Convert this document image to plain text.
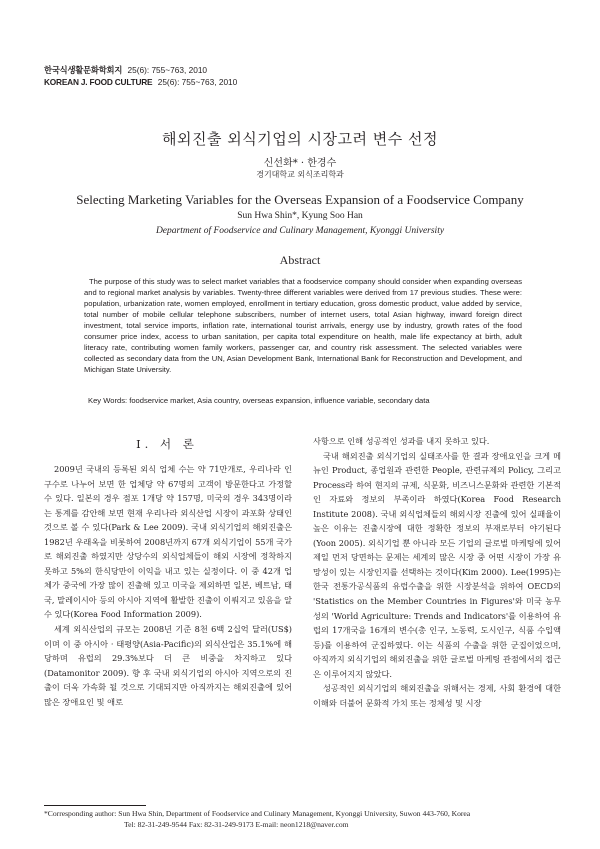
한국식생활문화학회지 25(6): 755~763, 2010
KOREAN J. FOOD CULTURE 25(6): 755~763, 2010
해외진출 외식기업의 시장고려 변수 선정
신선화* · 한경수
경기대학교 외식조리학과
Selecting Marketing Variables for the Overseas Expansion of a Foodservice Company
Sun Hwa Shin*, Kyung Soo Han
Department of Foodservice and Culinary Management, Kyonggi University
Abstract
The purpose of this study was to select market variables that a foodservice company should consider when expanding overseas and to regional market analysis by variables. Twenty-three different variables were derived from 17 previous studies. These were: population, urbanization rate, women employed, enrollment in tertiary education, gross domestic product, value added by service, total number of mobile cellular telephone subscribers, number of internet users, total Asian highway, inward foreign direct investment, total service imports, inflation rate, international tourist arrivals, energy use by industry, growth rates of the food consumer price index, access to urban sanitation, per capita total expenditure on health, male life expectancy at birth, adult literacy rate, contributing women family workers, passenger car, and country risk assessment. The selected variables were collected as secondary data from the UN, Asian Development Bank, International Bank for Reconstruction and Development, and Michigan State University.
Key Words: foodservice market, Asia country, overseas expansion, influence variable, secondary data
I. 서 론

2009년 국내의 등록된 외식 업체 수는 약 71만개로, 우리나라 인구수로 나누어 보면 한 업체당 약 67명의 고객이 방문한다고 가정할 수 있다. 일본의 경우 점포 1개당 약 157명, 미국의 경우 343명이라는 통계를 감안해 보면 현재 우리나라 외식산업 시장이 과포화 상태인 것으로 볼 수 있다(Park & Lee 2009). 국내 외식기업의 해외진출은 1982년 우래옥을 비롯하여 2008년까지 67개 외식기업이 55개 국가로 해외진출 하였지만 상당수의 외식업체들이 해외 시장에 정착하지 못하고 5%의 한식당만이 이익을 내고 있는 실정이다. 이 중 42개 업체가 중국에 가장 많이 진출해 있고 미국을 제외하면 일본, 베트남, 태국, 말레이시아 등의 아시아 지역에 활발한 진출이 이뤄지고 있음을 알 수 있다(Korea Food Information 2009).

세계 외식산업의 규모는 2008년 기준 8천 6백 2십억 달러(US$)이며 이 중 아시아 · 태평양(Asia-Pacific)의 외식산업은 35.1%에 해당하며 유럽의 29.3%보다 더 큰 비중을 차지하고 있다(Datamonitor 2009). 향 후 국내 외식기업의 아시아 지역으로의 진출이 더욱 가속화 될 것으로 기대되지만 아직까지는 해외진출에 있어 많은 장애요인 및 애로

사항으로 인해 성공적인 성과를 내지 못하고 있다.

국내 해외진출 외식기업의 실태조사를 한 결과 장애요인을 크게 메뉴인 Product, 종업원과 관련한 People, 관련규제의 Policy, 그리고 Process라 하여 현지의 규제, 식문화, 비즈니스문화와 관련한 기본적인 자료와 정보의 부족이라 하였다(Korea Food Research Institute 2008). 국내 외식업체들의 해외시장 진출에 있어 실패율이 높은 이유는 진출시장에 대한 정확한 정보의 부재로부터 야기된다(Yoon 2005). 외식기업 뿐 아니라 모든 기업의 글로벌 마케팅에 있어 제일 먼저 당면하는 문제는 세계의 많은 시장 중 어떤 시장이 가장 유망성이 있는 시장인지를 선택하는 것이다(Kim 2000). Lee(1995)는 한국 전통가공식품의 유럽수출을 위한 시장분석을 위하여 OECD의 'Statistics on the Member Countries in Figures'와 미국 농무성의 'World Agriculture: Trends and Indicators'를 이용하여 유럽의 17개국을 16개의 변수(총 인구, 노동력, 도시인구, 식품 수입액 등)를 이용하여 군집하였다. 이는 식품의 수출을 위한 군집이었으며, 아직까지 외식기업의 해외진출을 위한 글로벌 마케팅 관점에서의 접근은 이루어지지 않았다.

성공적인 외식기업의 해외진출을 위해서는 경제, 사회 환경에 대한 이해와 더불어 문화적 가치 또는 정체성 및 시장

*Corresponding author: Sun Hwa Shin, Department of Foodservice and Culinary Management, Kyonggi University, Suwon 443-760, Korea
Tel: 82-31-249-9544 Fax: 82-31-249-9173 E-mail: neon1218@naver.com
